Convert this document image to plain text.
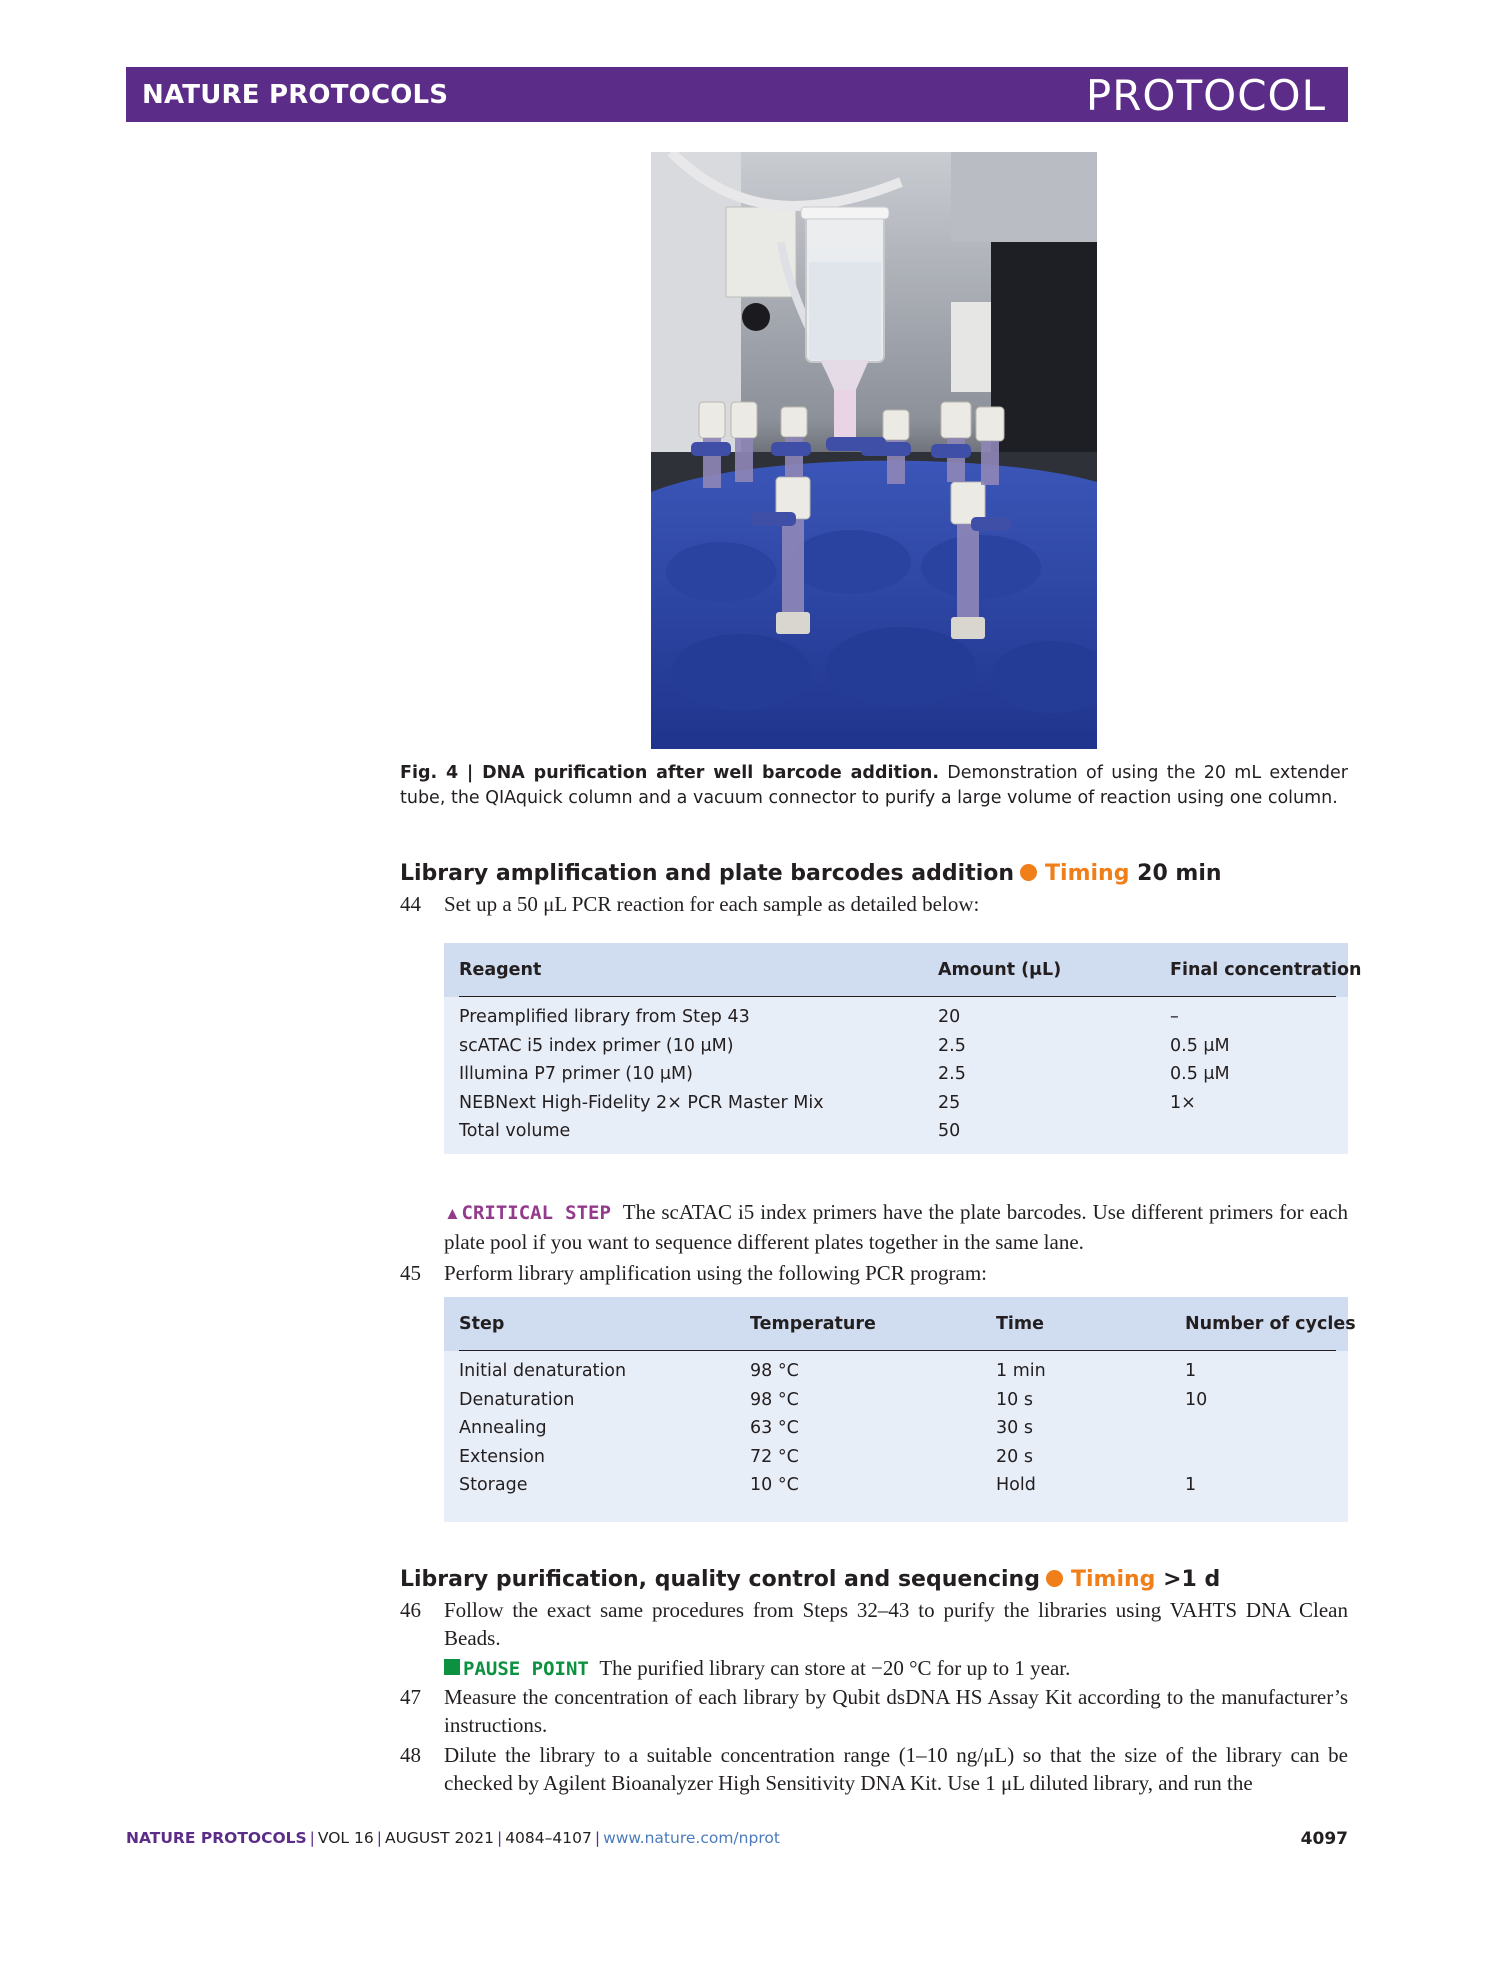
NATURE PROTOCOLS	PROTOCOL
Fig. 4 | DNA purification after well barcode addition. Demonstration of using the 20 mL extender tube, the QIAquick column and a vacuum connector to purify a large volume of reaction using one column.
Library amplification and plate barcodes addition Timing 20 min
44 Set up a 50 μL PCR reaction for each sample as detailed below:
Reagent	Amount (μL)	Final concentration
Preamplified library from Step 43	20	–
scATAC i5 index primer (10 μM)	2.5	0.5 μM
Illumina P7 primer (10 μM)	2.5	0.5 μM
NEBNext High-Fidelity 2× PCR Master Mix	25	1×
Total volume	50
▲CRITICAL STEP The scATAC i5 index primers have the plate barcodes. Use different primers for each plate pool if you want to sequence different plates together in the same lane.
45 Perform library amplification using the following PCR program:
Step	Temperature	Time	Number of cycles
Initial denaturation	98 °C	1 min	1
Denaturation	98 °C	10 s	10
Annealing	63 °C	30 s
Extension	72 °C	20 s
Storage	10 °C	Hold	1
Library purification, quality control and sequencing Timing >1 d
46 Follow the exact same procedures from Steps 32–43 to purify the libraries using VAHTS DNA Clean Beads.
PAUSE POINT The purified library can store at −20 °C for up to 1 year.
47 Measure the concentration of each library by Qubit dsDNA HS Assay Kit according to the manufacturer’s instructions.
48 Dilute the library to a suitable concentration range (1–10 ng/μL) so that the size of the library can be checked by Agilent Bioanalyzer High Sensitivity DNA Kit. Use 1 μL diluted library, and run the
NATURE PROTOCOLS | VOL 16 | AUGUST 2021 | 4084–4107 | www.nature.com/nprot	4097
